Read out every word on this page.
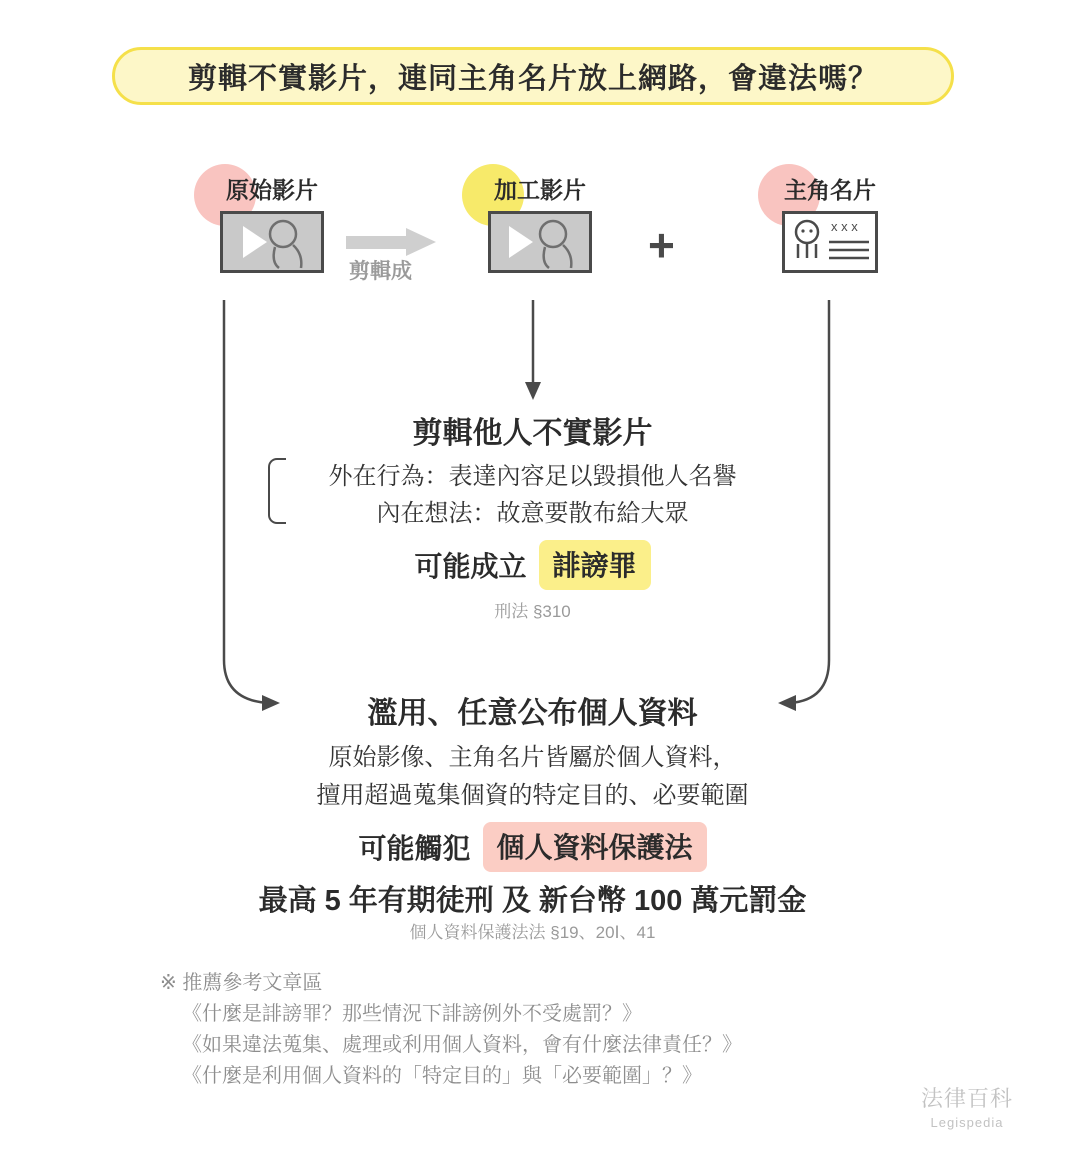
剪輯不實影片，連同主角名片放上網路，會違法嗎？
原始影片
剪輯成
加工影片
+
主角名片
x x x
剪輯他人不實影片
外在行為：表達內容足以毀損他人名譽
內在想法：故意要散布給大眾
可能成立 誹謗罪
刑法 §310
濫用、任意公布個人資料
原始影像、主角名片皆屬於個人資料，
擅用超過蒐集個資的特定目的、必要範圍
可能觸犯 個人資料保護法
最高 5 年有期徒刑 及 新台幣 100 萬元罰金
個人資料保護法法 §19、20Ⅰ、41
※ 推薦參考文章區
《什麼是誹謗罪？那些情況下誹謗例外不受處罰？》
《如果違法蒐集、處理或利用個人資料，會有什麼法律責任？》
《什麼是利用個人資料的「特定目的」與「必要範圍」？》
法律百科
Legispedia
